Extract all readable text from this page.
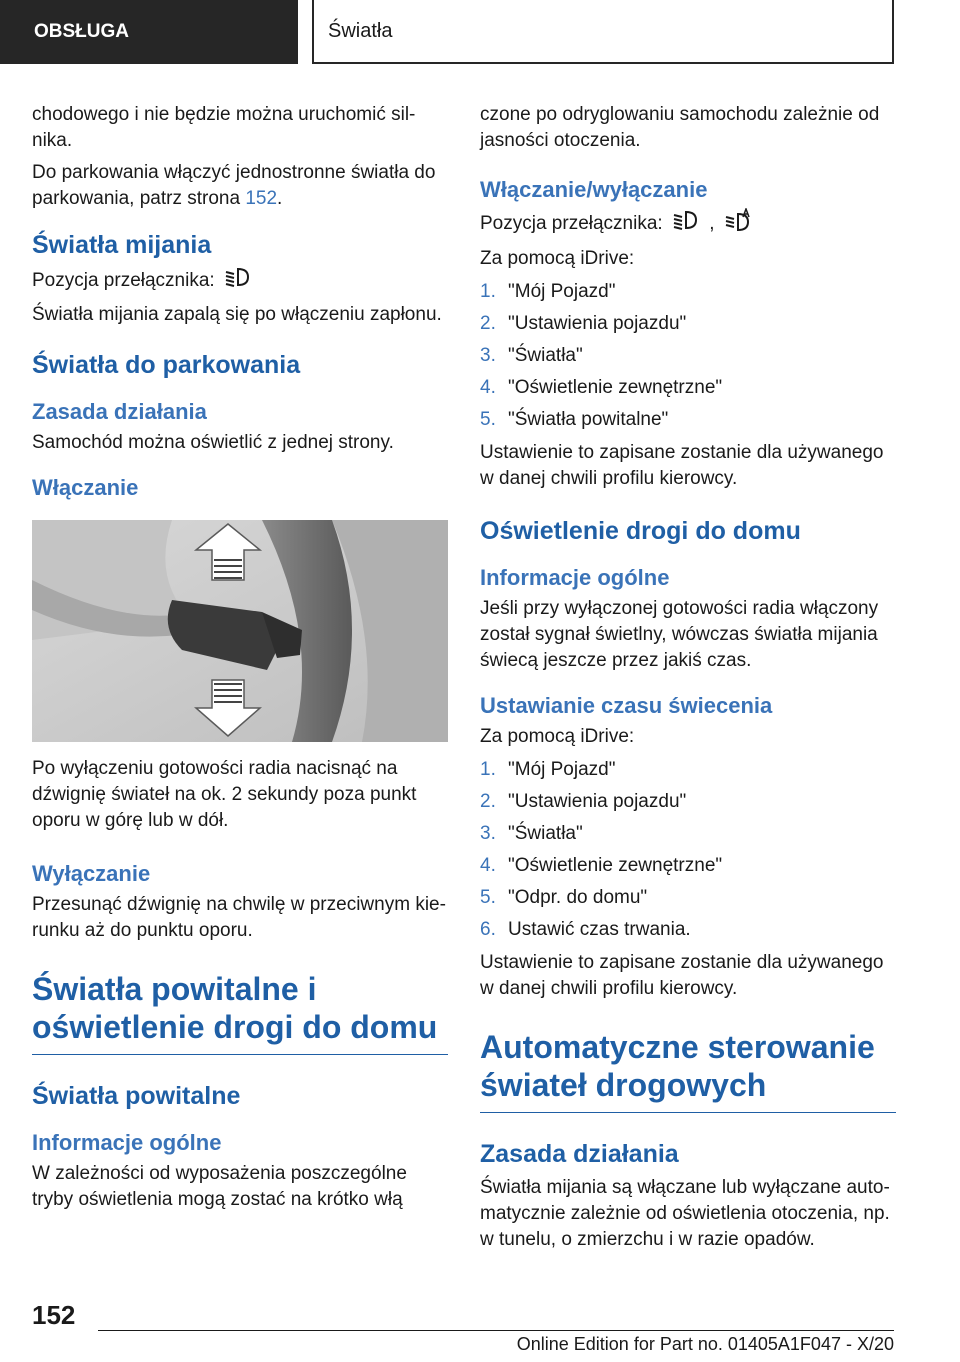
OBSŁUGA	Światła

chodowego i nie będzie można uruchomić silnika.

Do parkowania włączyć jednostronne światła do parkowania, patrz strona 152.

Światła mijania

Pozycja przełącznika:

Światła mijania zapalą się po włączeniu zapłonu.

Światła do parkowania
Zasada działania

Samochód można oświetlić z jednej strony.

Włączanie

Po wyłączeniu gotowości radia nacisnąć na dźwignię świateł na ok. 2 sekundy poza punkt oporu w górę lub w dół.

Wyłączanie

Przesunąć dźwignię na chwilę w przeciwnym kierunku aż do punktu oporu.

Światła powitalne i oświetlenie drogi do domu
Światła powitalne
Informacje ogólne

W zależności od wyposażenia poszczególne tryby oświetlenia mogą zostać na krótko włą

czone po odryglowaniu samochodu zależnie od jasności otoczenia.

Włączanie/wyłączanie

Pozycja przełącznika: ,

Za pomocą iDrive:

1. "Mój Pojazd"
2. "Ustawienia pojazdu"
3. "Światła"
4. "Oświetlenie zewnętrzne"
5. "Światła powitalne"

Ustawienie to zapisane zostanie dla używanego w danej chwili profilu kierowcy.

Oświetlenie drogi do domu
Informacje ogólne

Jeśli przy wyłączonej gotowości radia włączony został sygnał świetlny, wówczas światła mijania świecą jeszcze przez jakiś czas.

Ustawianie czasu świecenia

Za pomocą iDrive:

1. "Mój Pojazd"
2. "Ustawienia pojazdu"
3. "Światła"
4. "Oświetlenie zewnętrzne"
5. "Odpr. do domu"
6. Ustawić czas trwania.

Ustawienie to zapisane zostanie dla używanego w danej chwili profilu kierowcy.

Automatyczne sterowanie świateł drogowych
Zasada działania

Światła mijania są włączane lub wyłączane automatycznie zależnie od oświetlenia otoczenia, np. w tunelu, o zmierzchu i w razie opadów.

152
Online Edition for Part no. 01405A1F047 - X/20
